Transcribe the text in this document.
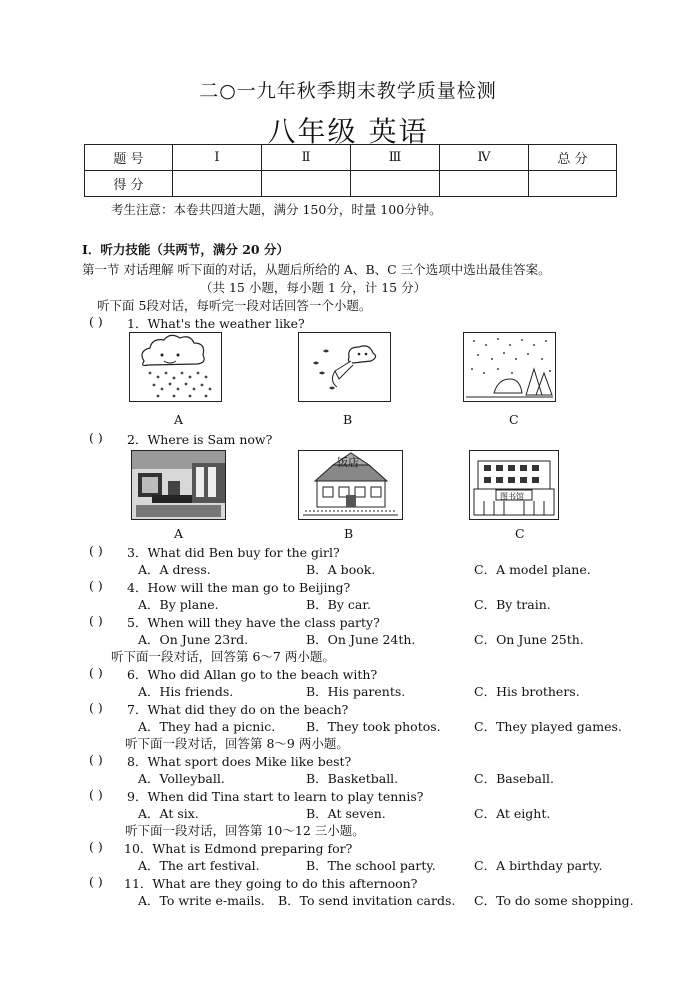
二○一九年秋季期末教学质量检测
八年级 英语
题 号	Ⅰ	Ⅱ	Ⅲ	Ⅳ	总 分
得 分					
考生注意：本卷共四道大题，满分 150分，时量 100分钟。
I．听力技能（共两节，满分 20 分）
第一节 对话理解 听下面的对话，从题后所给的 A、B、C 三个选项中选出最佳答案。
（共 15 小题，每小题 1 分，计 15 分）
听下面 5段对话，每听完一段对话回答一个小题。
( ) 1．What's the weather like?
A	B	C
( ) 2．Where is Sam now?
饭店
图书馆
A	B	C
( ) 3．What did Ben buy for the girl?
A．A dress.	B．A book.	C．A model plane.
( ) 4．How will the man go to Beijing?
A．By plane.	B．By car.	C．By train.
( ) 5．When will they have the class party?
A．On June 23rd.	B．On June 24th.	C．On June 25th.
听下面一段对话，回答第 6～7 两小题。
( ) 6．Who did Allan go to the beach with?
A．His friends.	B．His parents.	C．His brothers.
( ) 7．What did they do on the beach?
A．They had a picnic. B．They took photos.	C．They played games.
听下面一段对话，回答第 8～9 两小题。
( ) 8．What sport does Mike like best?
A．Volleyball.	B．Basketball.	C．Baseball.
( ) 9．When did Tina start to learn to play tennis?
A．At six.	B．At seven.	C．At eight.
听下面一段对话，回答第 10～12 三小题。
( ) 10．What is Edmond preparing for?
A．The art festival.	B．The school party.	C．A birthday party.
( ) 11．What are they going to do this afternoon?
A．To write e-mails. B．To send invitation cards. C．To do some shopping.
